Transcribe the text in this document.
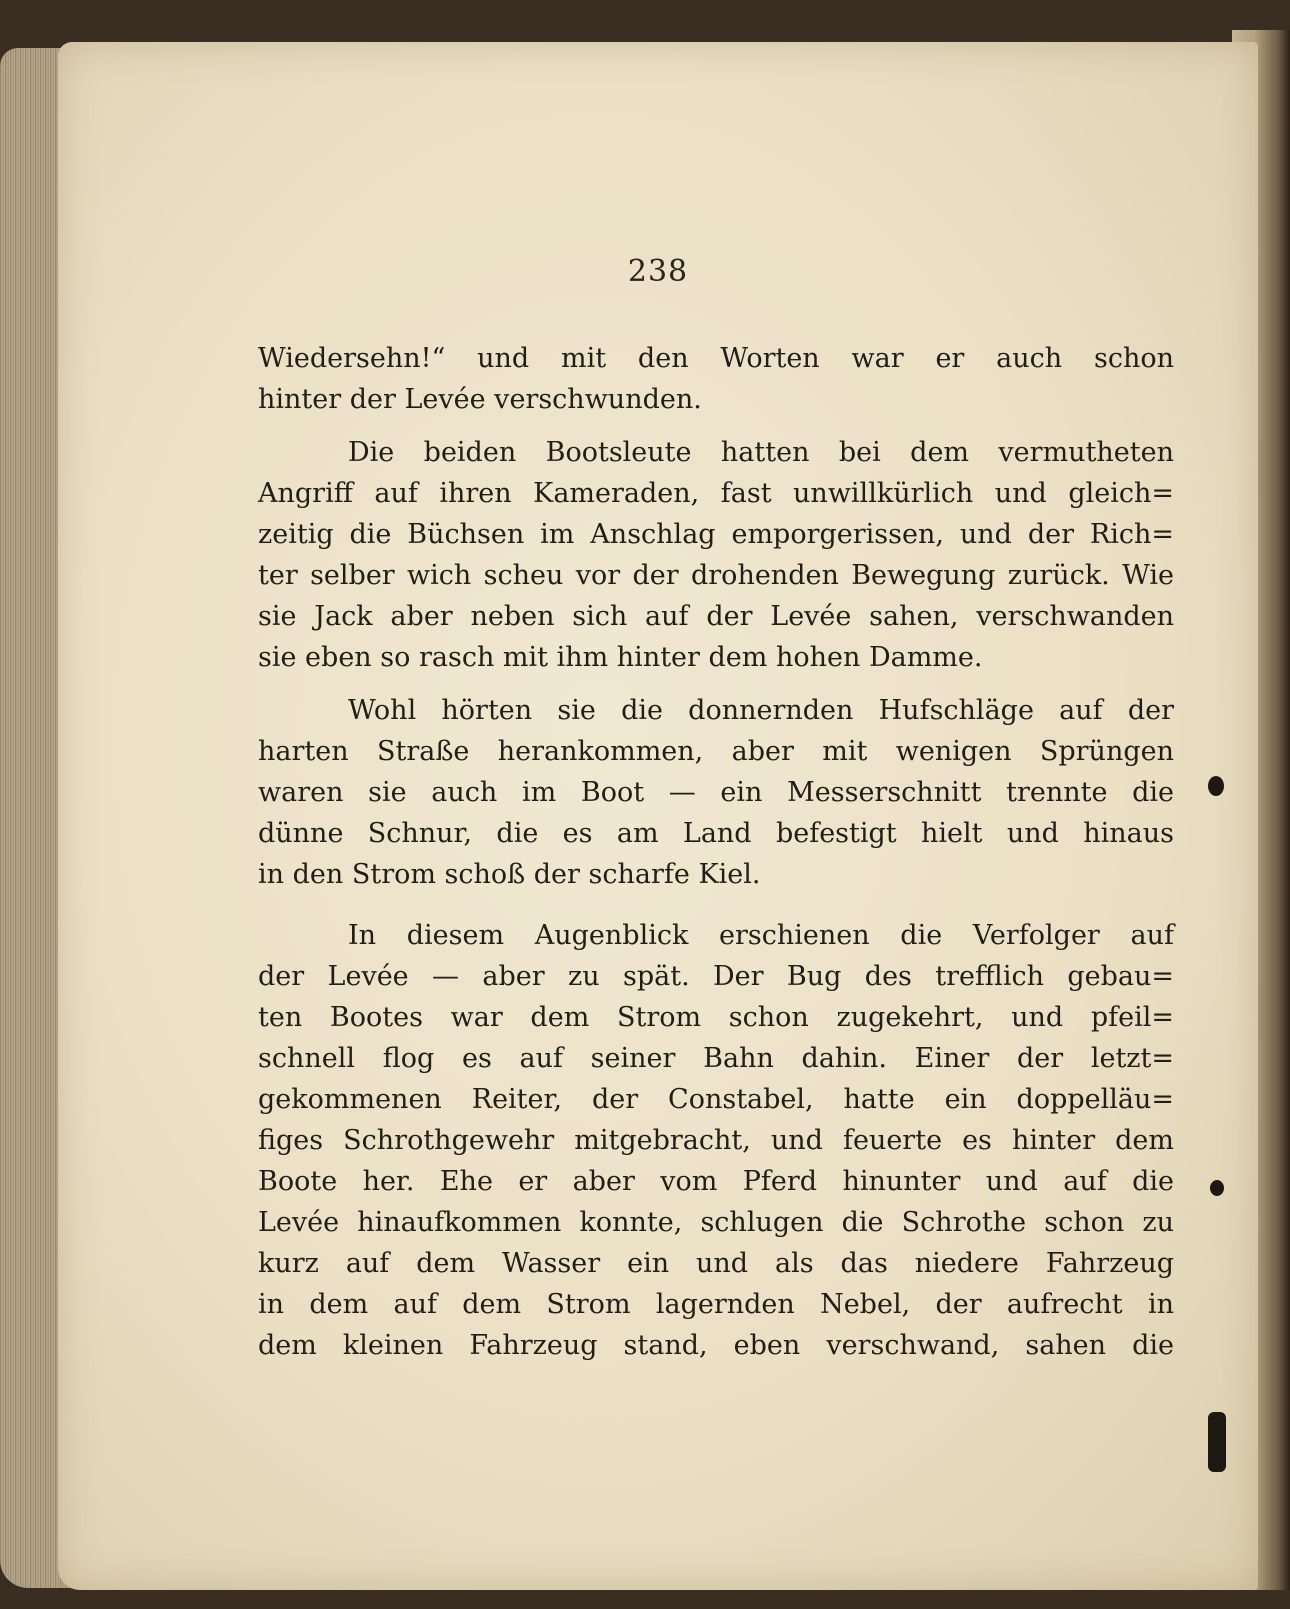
238
Wiedersehn!“ und mit den Worten war er auch schon
hinter der Levée verschwunden.
Die beiden Bootsleute hatten bei dem vermutheten
Angriff auf ihren Kameraden, fast unwillkürlich und gleich=
zeitig die Büchsen im Anschlag emporgerissen, und der Rich=
ter selber wich scheu vor der drohenden Bewegung zurück. Wie
sie Jack aber neben sich auf der Levée sahen, verschwanden
sie eben so rasch mit ihm hinter dem hohen Damme.
Wohl hörten sie die donnernden Hufschläge auf der
harten Straße herankommen, aber mit wenigen Sprüngen
waren sie auch im Boot — ein Messerschnitt trennte die
dünne Schnur, die es am Land befestigt hielt und hinaus
in den Strom schoß der scharfe Kiel.
In diesem Augenblick erschienen die Verfolger auf
der Levée — aber zu spät. Der Bug des trefflich gebau=
ten Bootes war dem Strom schon zugekehrt, und pfeil=
schnell flog es auf seiner Bahn dahin. Einer der letzt=
gekommenen Reiter, der Constabel, hatte ein doppelläu=
figes Schrothgewehr mitgebracht, und feuerte es hinter dem
Boote her. Ehe er aber vom Pferd hinunter und auf die
Levée hinaufkommen konnte, schlugen die Schrothe schon zu
kurz auf dem Wasser ein und als das niedere Fahrzeug
in dem auf dem Strom lagernden Nebel, der aufrecht in
dem kleinen Fahrzeug stand, eben verschwand, sahen die
